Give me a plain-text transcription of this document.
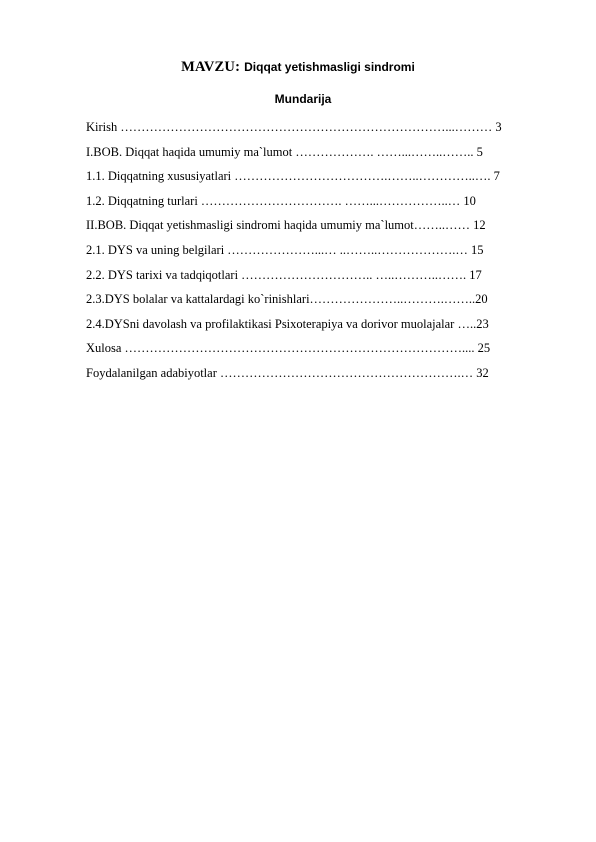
MAVZU: Diqqat yetishmasligi sindromi
Mundarija
Kirish ……………………………………………………………………...……… 3
I.BOB. Diqqat haqida umumiy maˋlumot ………………. ……...……..…….. 5
1.1. Diqqatning xususiyatlari ……………………………….……..…………..…. 7
1.2. Diqqatning turlari ……………………………. ……...……………..… 10
II.BOB. Diqqat yetishmasligi sindromi haqida umumiy maˋlumot……..…… 12
2.1. DYS va uning belgilari …………………...… ..……..……………….… 15
2.2. DYS tarixi va tadqiqotlari ………………………….. …..………..……. 17
2.3.DYS bolalar va kattalardagi koˋrinishlari…………………..……….……..20
2.4.DYSni davolash va profilaktikasi Psixoterapiya va dorivor muolajalar …..23
Xulosa ……………………………………………………………………….... 25
Foydalanilgan adabiyotlar ………………………………………………….… 32
